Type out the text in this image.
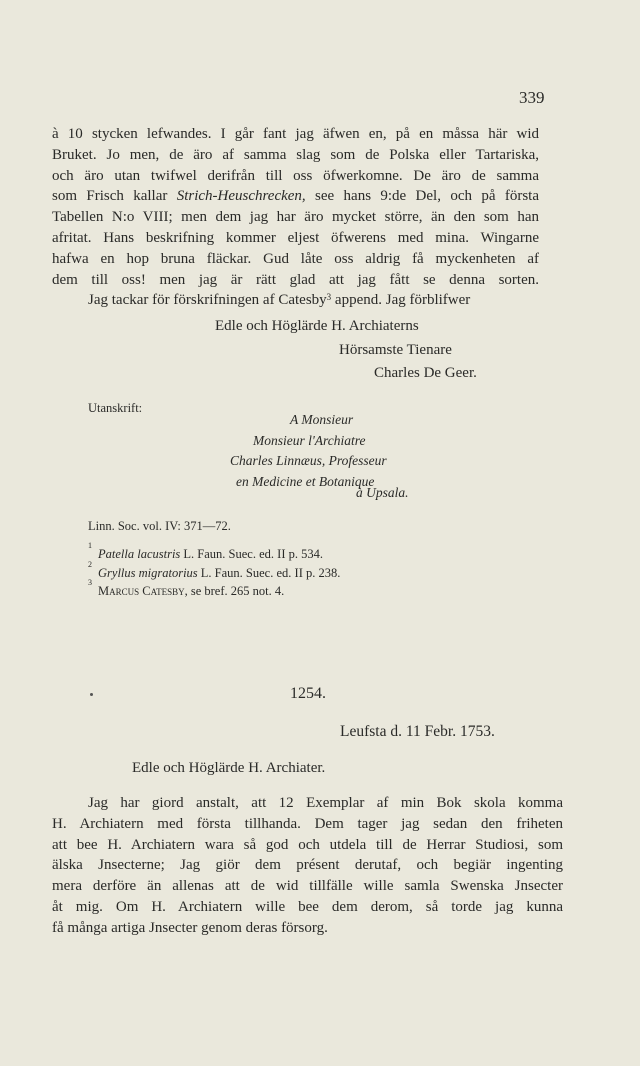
339
à 10 stycken lefwandes. I går fant jag äfwen en, på en måssa här wid
Bruket. Jo men, de äro af samma slag som de Polska eller Tartariska,
och äro utan twifwel derifrån till oss öfwerkomne. De äro de samma
som Frisch kallar Strich-Heuschrecken, see hans 9:de Del, och på första
Tabellen N:o VIII; men dem jag har äro mycket större, än den som han
afritat. Hans beskrifning kommer eljest öfwerens med mina. Wingarne
hafwa en hop bruna fläckar. Gud låte oss aldrig få myckenheten af
dem till oss! men jag är rätt glad att jag fått se denna sorten.
Jag tackar för förskrifningen af Catesby$^3$ append. Jag förblifwer
Edle och Höglärde H. Archiaterns
Hörsamste Tienare
Charles De Geer.
Utanskrift:
A Monsieur
Monsieur l'Archiatre
Charles Linnæus, Professeur
en Medicine et Botanique
à Upsala.
Linn. Soc. vol. IV: 371—72.
$^1$Patella lacustris L. Faun. Suec. ed. II p. 534.
$^2$Gryllus migratorius L. Faun. Suec. ed. II p. 238.
$^3$Marcus Catesby, se bref. 265 not. 4.
1254.
Leufsta d. 11 Febr. 1753.
Edle och Höglärde H. Archiater.
Jag har giord anstalt, att 12 Exemplar af min Bok skola komma
H. Archiatern med första tillhanda. Dem tager jag sedan den friheten
att bee H. Archiatern wara så god och utdela till de Herrar Studiosi, som
älska Jnsecterne; Jag giör dem présent derutaf, och begiär ingenting
mera derföre än allenas att de wid tillfälle wille samla Swenska Jnsecter
åt mig. Om H. Archiatern wille bee dem derom, så torde jag kunna
få många artiga Jnsecter genom deras försorg.
